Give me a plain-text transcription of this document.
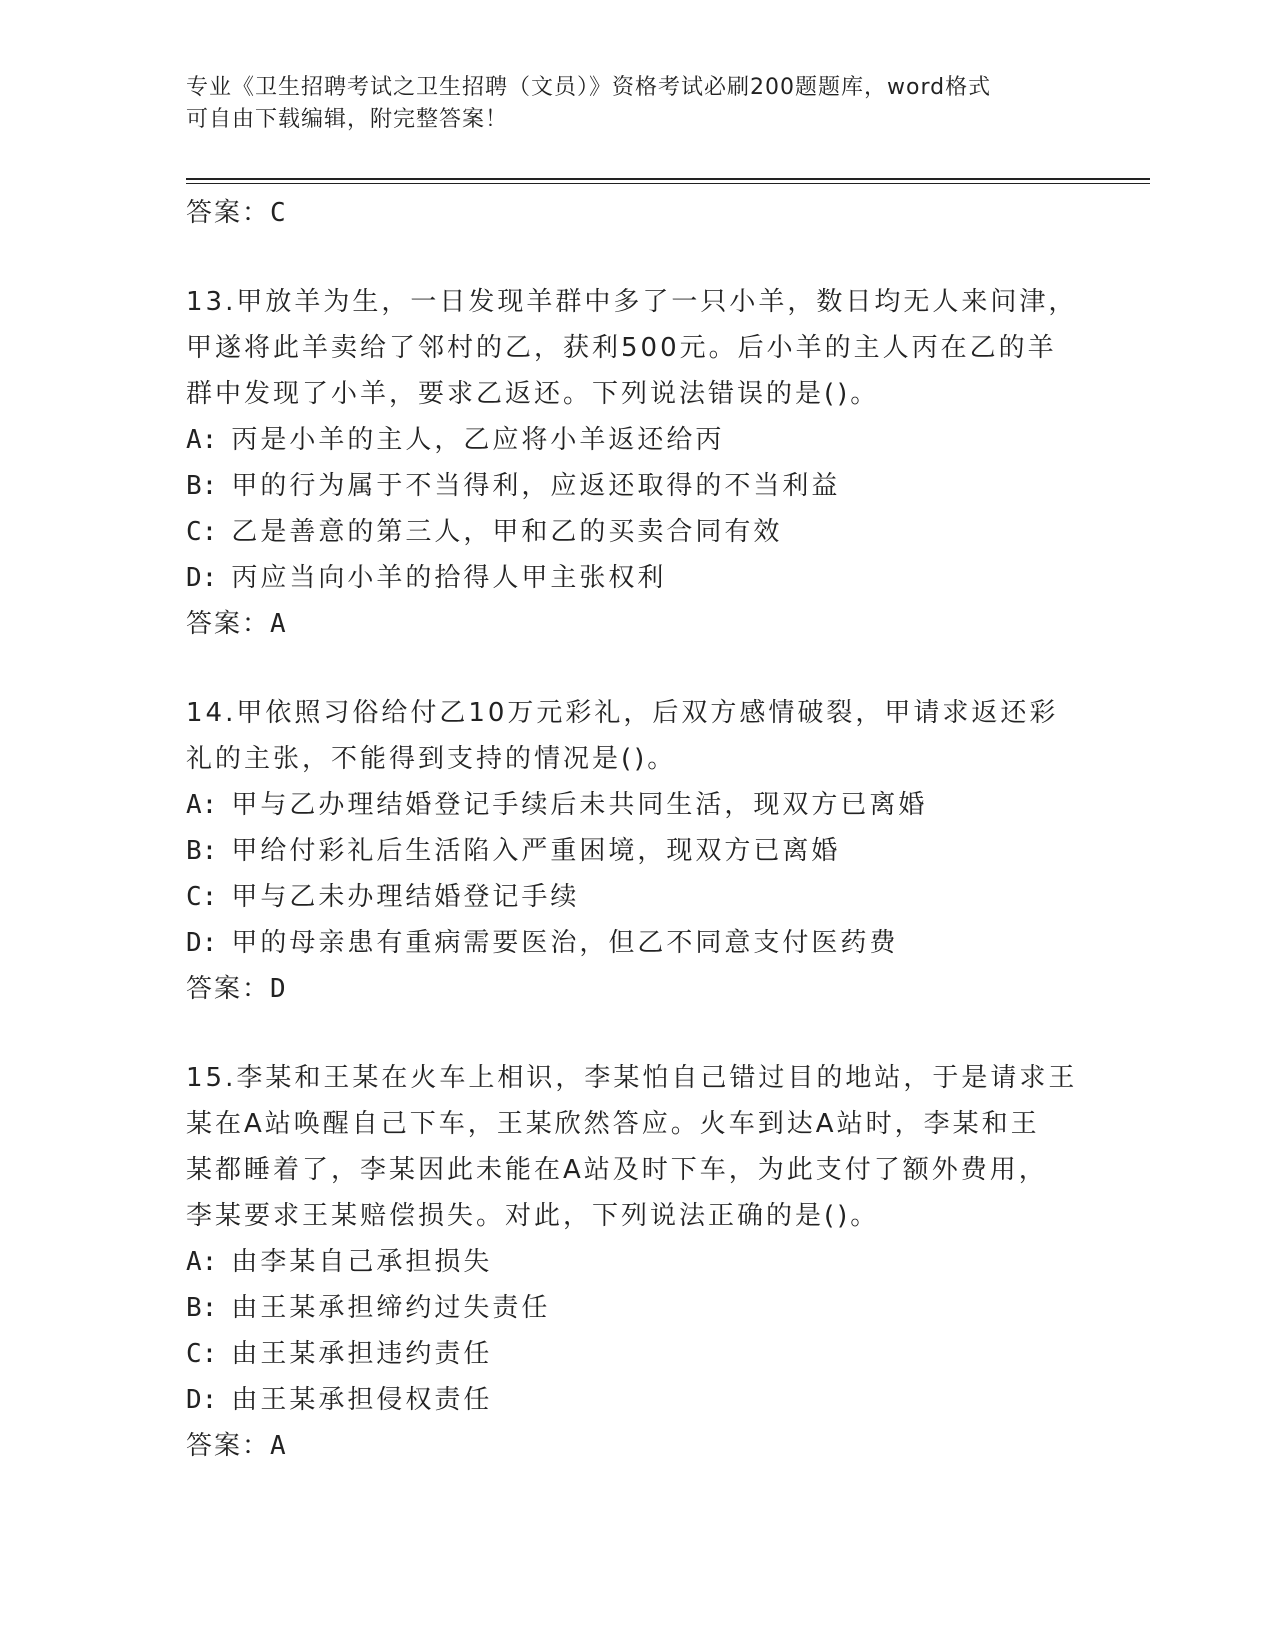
专业《卫生招聘考试之卫生招聘（文员）》资格考试必刷200题题库，word格式
可自由下载编辑，附完整答案！
答案：C
13.甲放羊为生，一日发现羊群中多了一只小羊，数日均无人来问津，
甲遂将此羊卖给了邻村的乙，获利500元。后小羊的主人丙在乙的羊
群中发现了小羊，要求乙返还。下列说法错误的是()。
A: 丙是小羊的主人，乙应将小羊返还给丙
B: 甲的行为属于不当得利，应返还取得的不当利益
C: 乙是善意的第三人，甲和乙的买卖合同有效
D: 丙应当向小羊的拾得人甲主张权利
答案：A
14.甲依照习俗给付乙10万元彩礼，后双方感情破裂，甲请求返还彩
礼的主张，不能得到支持的情况是()。
A: 甲与乙办理结婚登记手续后未共同生活，现双方已离婚
B: 甲给付彩礼后生活陷入严重困境，现双方已离婚
C: 甲与乙未办理结婚登记手续
D: 甲的母亲患有重病需要医治，但乙不同意支付医药费
答案：D
15.李某和王某在火车上相识，李某怕自己错过目的地站，于是请求王
某在A站唤醒自己下车，王某欣然答应。火车到达A站时，李某和王
某都睡着了，李某因此未能在A站及时下车，为此支付了额外费用，
李某要求王某赔偿损失。对此，下列说法正确的是()。
A: 由李某自己承担损失
B: 由王某承担缔约过失责任
C: 由王某承担违约责任
D: 由王某承担侵权责任
答案：A
